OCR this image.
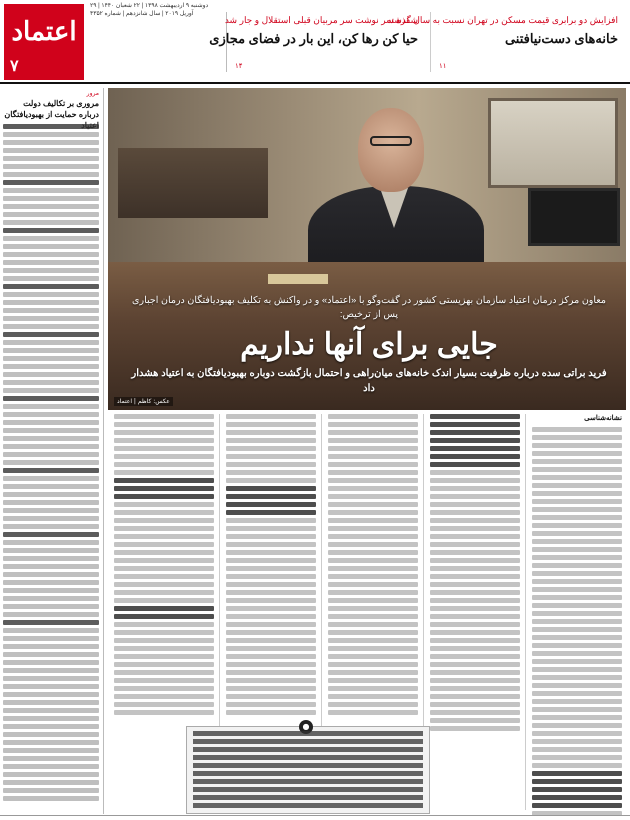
اعتماد
۷
دوشنبه ۹ اردیبهشت ۱۳۹۸ | ۲۲ شعبان ۱۴۴۰ | ۲۹ آوریل ۲۰۱۹ | سال شانزدهم | شماره ۴۳۵۲
افزایش دو برابری قیمت مسکن در تهران نسبت به سال گذشته
خانه‌های دست‌نیافتنی
۱۱
شفره سر نوشت سر مربیان قبلی استقلال و جار شد
حیا کن رها کن، این بار در فضای مجازی
۱۴
مرور
مروری بر تکالیف دولت درباره حمایت از بهبودیافتگان
معاون مرکز درمان اعتیاد سازمان بهزیستی کشور در گفت‌وگو با «اعتماد» و در واکنش به تکلیف بهبودیافتگان درمان اجباری پس از ترخیص:
جایی برای آنها نداریم
فرید براتی سده درباره ظرفیت بسیار اندک خانه‌های میان‌راهی و احتمال بازگشت دوباره بهبودیافتگان به اعتیاد هشدار داد
عکس: کاظم | اعتماد
نشانه‌شناسی
●
